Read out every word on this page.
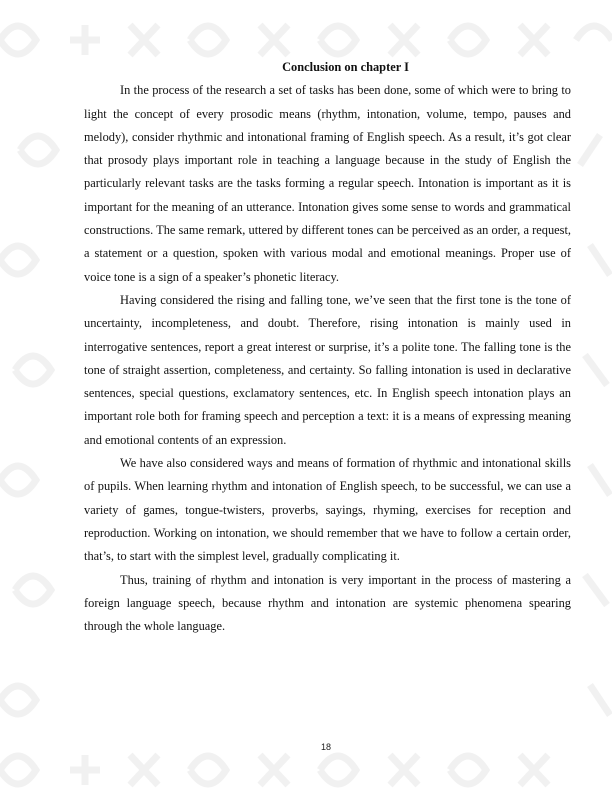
Conclusion on chapter I

In the process of the research a set of tasks has been done, some of which were to bring to light the concept of every prosodic means (rhythm, intonation, volume, tempo, pauses and melody), consider rhythmic and intonational framing of English speech. As a result, it’s got clear that prosody plays important role in teaching a language because in the study of English the particularly relevant tasks are the tasks forming a regular speech. Intonation is important as it is important for the meaning of an utterance. Intonation gives some sense to words and grammatical constructions. The same remark, uttered by different tones can be perceived as an order, a request, a statement or a question, spoken with various modal and emotional meanings. Proper use of voice tone is a sign of a speaker’s phonetic literacy.

Having considered the rising and falling tone, we’ve seen that the first tone is the tone of uncertainty, incompleteness, and doubt. Therefore, rising intonation is mainly used in interrogative sentences, report a great interest or surprise, it’s a polite tone. The falling tone is the tone of straight assertion, completeness, and certainty. So falling intonation is used in declarative sentences, special questions, exclamatory sentences, etc. In English speech intonation plays an important role both for framing speech and perception a text: it is a means of expressing meaning and emotional contents of an expression.

We have also considered ways and means of formation of rhythmic and intonational skills of pupils. When learning rhythm and intonation of English speech, to be successful, we can use a variety of games, tongue-twisters, proverbs, sayings, rhyming, exercises for reception and reproduction. Working on intonation, we should remember that we have to follow a certain order, that’s, to start with the simplest level, gradually complicating it.

Thus, training of rhythm and intonation is very important in the process of mastering a foreign language speech, because rhythm and intonation are systemic phenomena spearing through the whole language.

18
